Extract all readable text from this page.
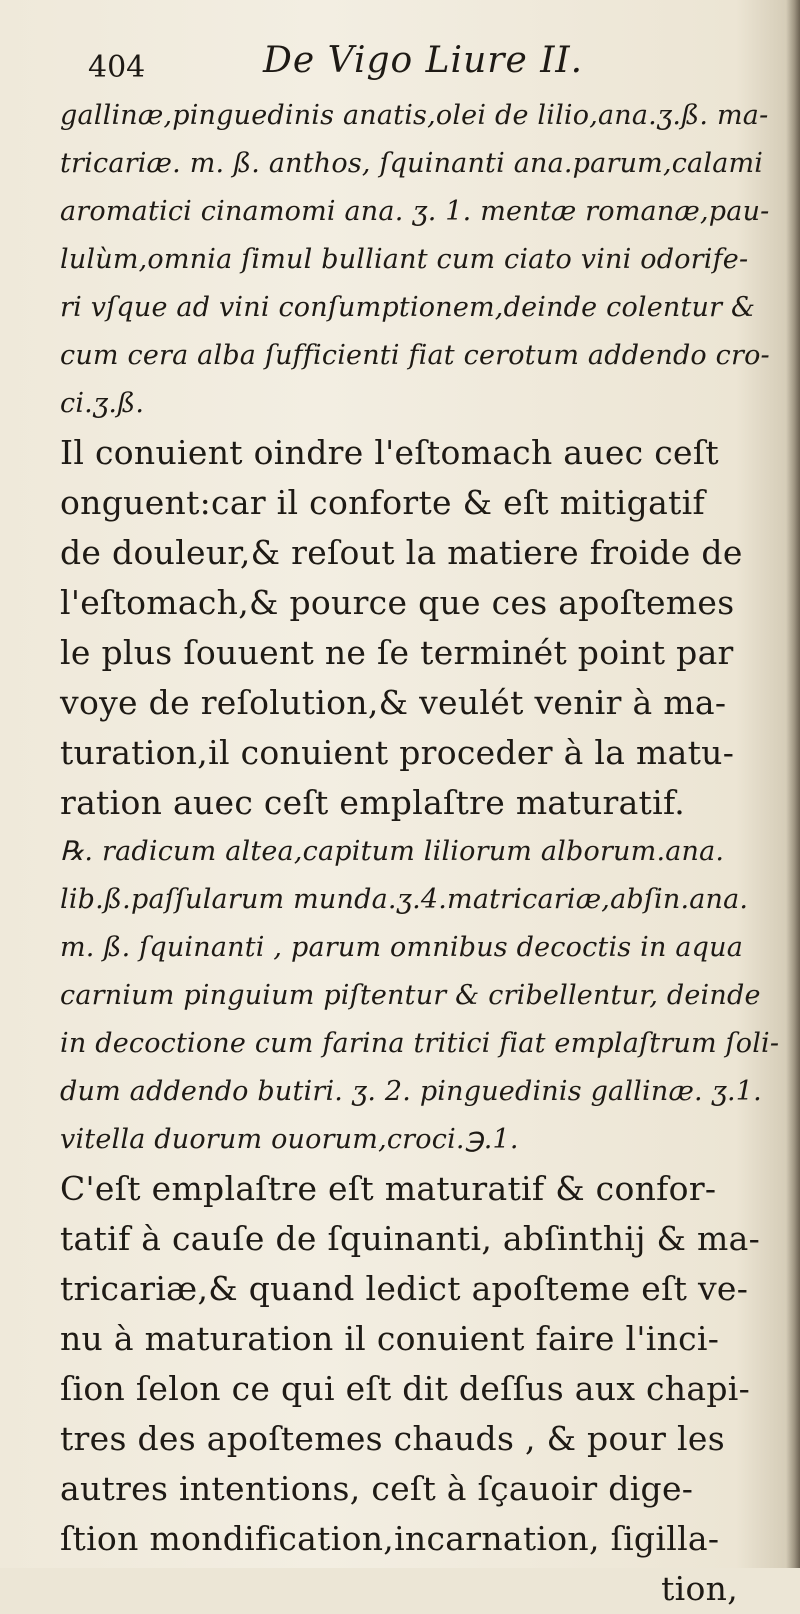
404	De Vigo Liure II.
gallinæ,pinguedinis anatis,olei de lilio,ana.ʒ.ß. ma-
tricariæ. m. ß. anthos, ſquinanti ana.parum,calami
aromatici cinamomi ana. ʒ. 1. mentæ romanæ,pau-
lulùm,omnia ſimul bulliant cum ciato vini odorife-
ri vſque ad vini conſumptionem,deinde colentur &
cum cera alba ſufficienti fiat cerotum addendo cro-
ci.ʒ.ß.
Il conuient oindre l'eſtomach auec ceſt
onguent:car il conforte & eſt mitigatif
de douleur,& reſout la matiere froide de
l'eſtomach,& pource que ces apoſtemes
le plus ſouuent ne ſe terminét point par
voye de reſolution,& veulét venir à ma-
turation,il conuient proceder à la matu-
ration auec ceſt emplaſtre maturatif.
℞. radicum altea,capitum liliorum alborum.ana.
lib.ß.paſſularum munda.ʒ.4.matricariæ,abſin.ana.
m. ß. ſquinanti , parum omnibus decoctis in aqua
carnium pinguium piſtentur & cribellentur, deinde
in decoctione cum farina tritici fiat emplaſtrum ſoli-
dum addendo butiri. ʒ. 2. pinguedinis gallinæ. ʒ.1.
vitella duorum ouorum,croci.℈.1.
C'eſt emplaſtre eſt maturatif & confor-
tatif à cauſe de ſquinanti, abſinthij & ma-
tricariæ,& quand ledict apoſteme eſt ve-
nu à maturation il conuient faire l'inci-
ſion ſelon ce qui eſt dit deſſus aux chapi-
tres des apoſtemes chauds , & pour les
autres intentions, ceſt à ſçauoir dige-
ſtion mondification,incarnation, ſigilla-
tion,
